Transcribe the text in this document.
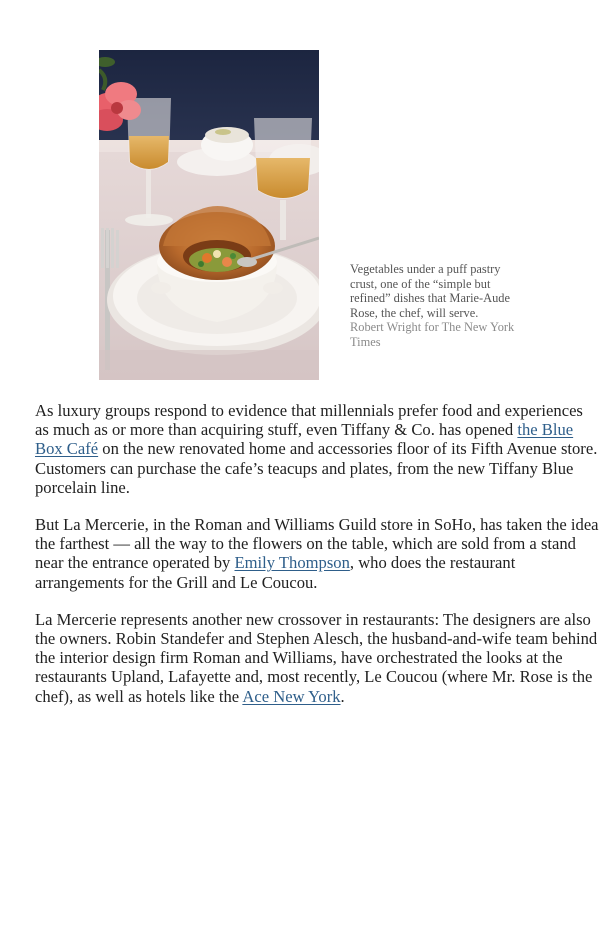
Vegetables under a puff pastry crust, one of the “simple but refined” dishes that Marie-Aude Rose, the chef, will serve.
Robert Wright for The New York Times

As luxury groups respond to evidence that millennials prefer food and experiences as much as or more than acquiring stuff, even Tiffany & Co. has opened the Blue Box Café on the new renovated home and accessories floor of its Fifth Avenue store. Customers can purchase the cafe’s teacups and plates, from the new Tiffany Blue porcelain line.

But La Mercerie, in the Roman and Williams Guild store in SoHo, has taken the idea the farthest — all the way to the flowers on the table, which are sold from a stand near the entrance operated by Emily Thompson, who does the restaurant arrangements for the Grill and Le Coucou.

La Mercerie represents another new crossover in restaurants: The designers are also the owners. Robin Standefer and Stephen Alesch, the husband-and-wife team behind the interior design firm Roman and Williams, have orchestrated the looks at the restaurants Upland, Lafayette and, most recently, Le Coucou (where Mr. Rose is the chef), as well as hotels like the Ace New York.
